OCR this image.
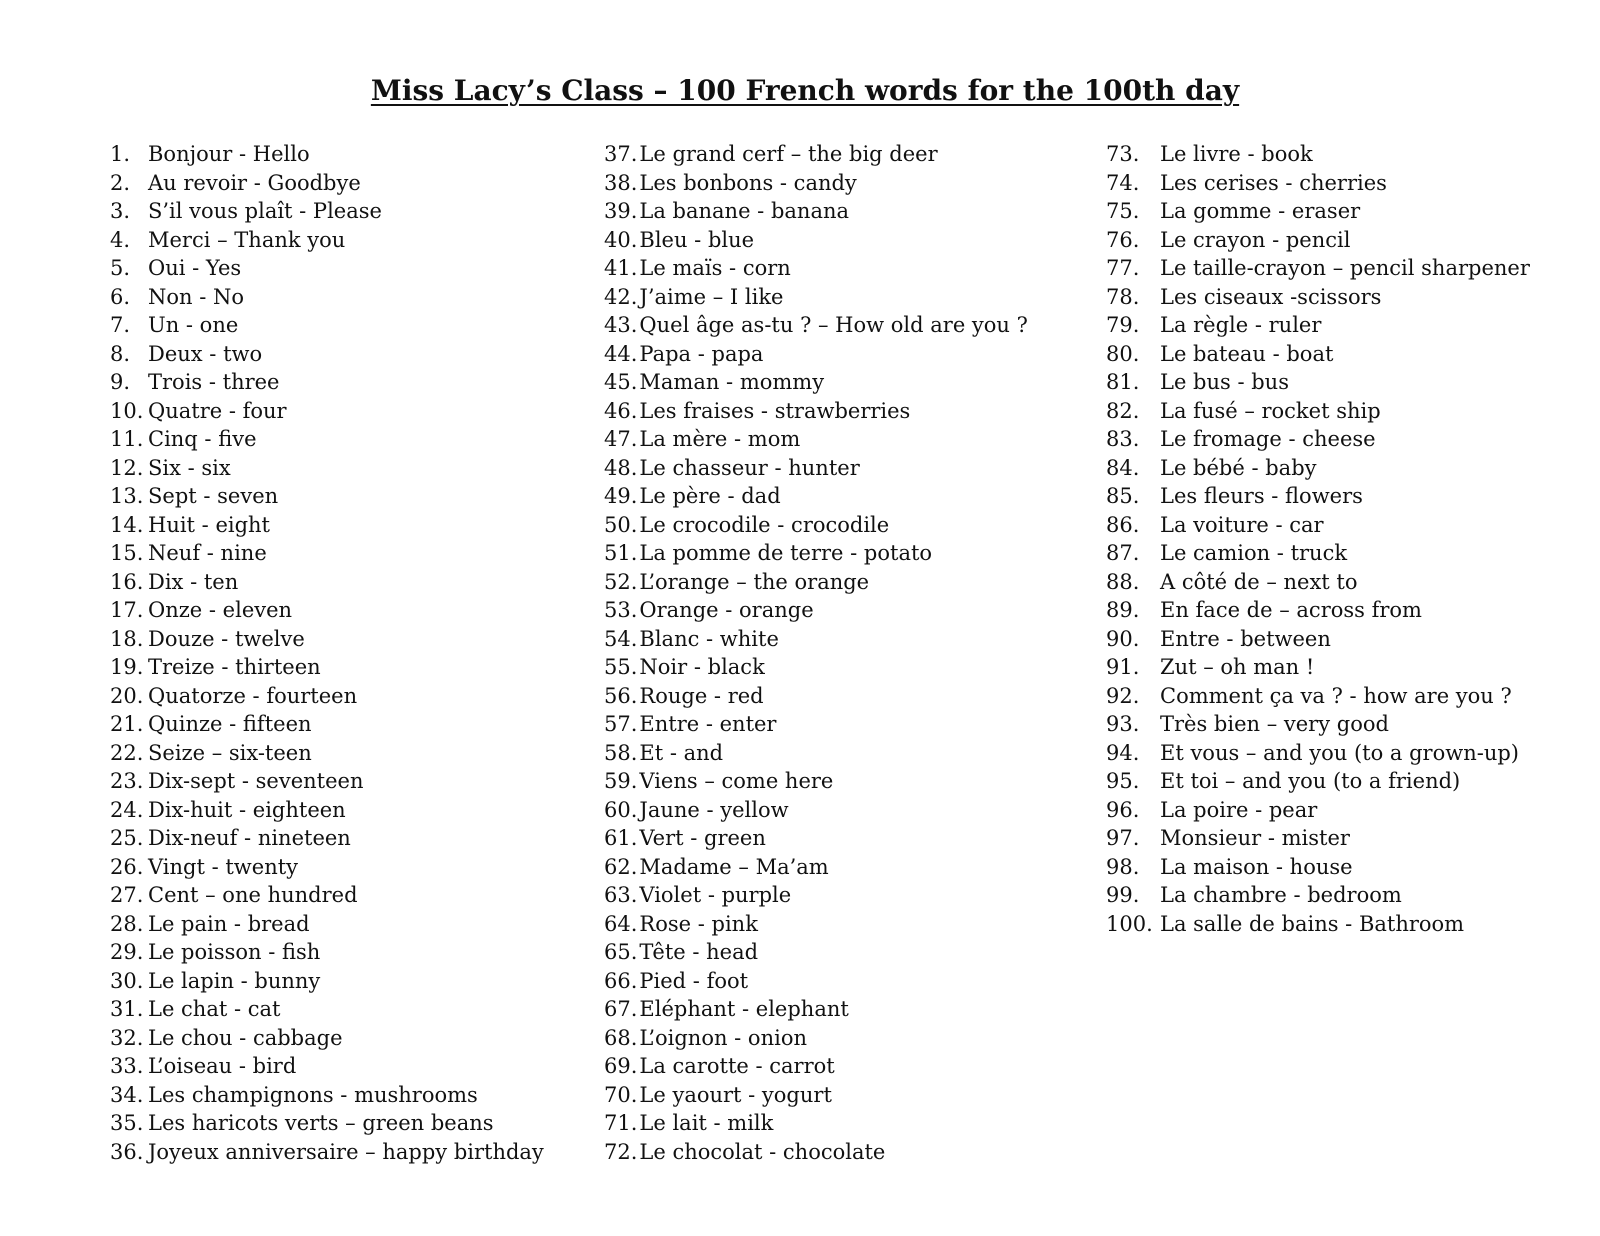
Miss Lacy’s Class – 100 French words for the 100th day
1. Bonjour - Hello
2. Au revoir - Goodbye
3. S’il vous plaît - Please
4. Merci – Thank you
5. Oui - Yes
6. Non - No
7. Un - one
8. Deux - two
9. Trois - three
10. Quatre - four
11. Cinq - five
12. Six - six
13. Sept - seven
14. Huit - eight
15. Neuf - nine
16. Dix - ten
17. Onze - eleven
18. Douze - twelve
19. Treize - thirteen
20. Quatorze - fourteen
21. Quinze - fifteen
22. Seize – six-teen
23. Dix-sept - seventeen
24. Dix-huit - eighteen
25. Dix-neuf - nineteen
26. Vingt - twenty
27. Cent – one hundred
28. Le pain - bread
29. Le poisson - fish
30. Le lapin - bunny
31. Le chat - cat
32. Le chou - cabbage
33. L’oiseau - bird
34. Les champignons - mushrooms
35. Les haricots verts – green beans
36. Joyeux anniversaire – happy birthday
37. Le grand cerf – the big deer
38. Les bonbons - candy
39. La banane - banana
40. Bleu - blue
41. Le maïs - corn
42. J’aime – I like
43. Quel âge as-tu ? – How old are you ?
44. Papa - papa
45. Maman - mommy
46. Les fraises - strawberries
47. La mère - mom
48. Le chasseur - hunter
49. Le père - dad
50. Le crocodile - crocodile
51. La pomme de terre - potato
52. L’orange – the orange
53. Orange - orange
54. Blanc - white
55. Noir - black
56. Rouge - red
57. Entre - enter
58. Et - and
59. Viens – come here
60. Jaune - yellow
61. Vert - green
62. Madame – Ma’am
63. Violet - purple
64. Rose - pink
65. Tête - head
66. Pied - foot
67. Eléphant - elephant
68. L’oignon - onion
69. La carotte - carrot
70. Le yaourt - yogurt
71. Le lait - milk
72. Le chocolat - chocolate
73. Le livre - book
74. Les cerises - cherries
75. La gomme - eraser
76. Le crayon - pencil
77. Le taille-crayon – pencil sharpener
78. Les ciseaux -scissors
79. La règle - ruler
80. Le bateau - boat
81. Le bus - bus
82. La fusé – rocket ship
83. Le fromage - cheese
84. Le bébé - baby
85. Les fleurs - flowers
86. La voiture - car
87. Le camion - truck
88. A côté de – next to
89. En face de – across from
90. Entre - between
91. Zut – oh man !
92. Comment ça va ? - how are you ?
93. Très bien – very good
94. Et vous – and you (to a grown-up)
95. Et toi – and you (to a friend)
96. La poire - pear
97. Monsieur - mister
98. La maison - house
99. La chambre - bedroom
100. La salle de bains - Bathroom
